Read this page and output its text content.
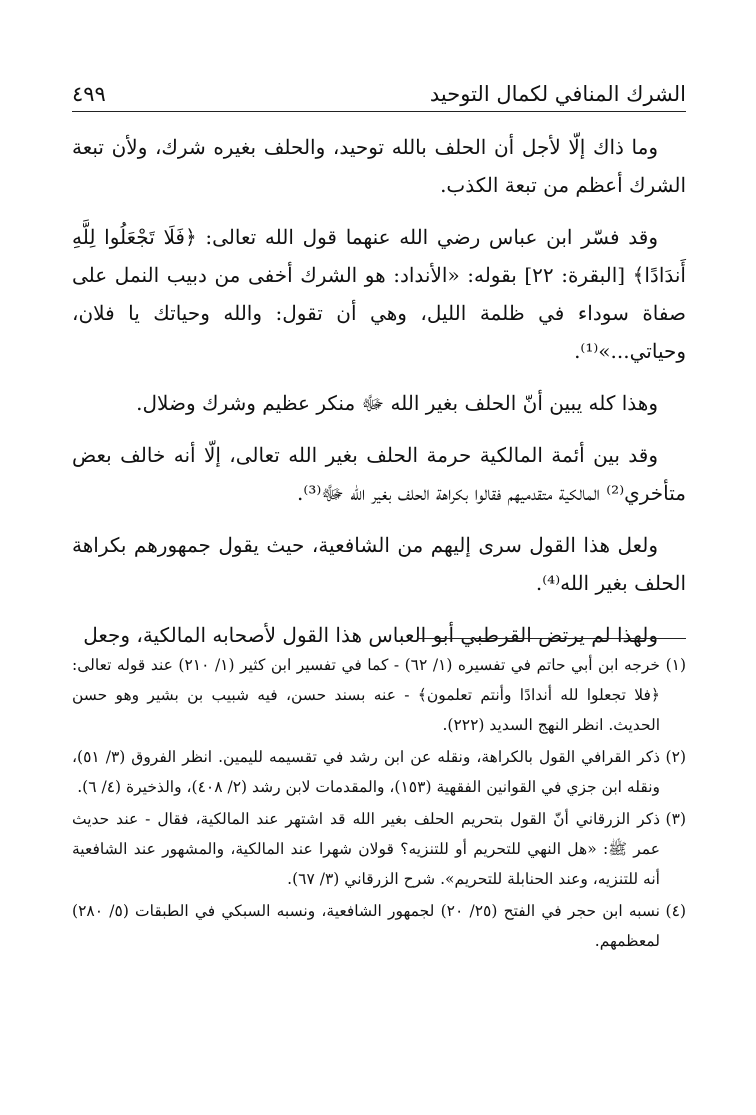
الشرك المنافي لكمال التوحيد
٤٩٩

وما ذاك إلّا لأجل أن الحلف بالله توحيد، والحلف بغيره شرك، ولأن تبعة الشرك أعظم من تبعة الكذب.

وقد فسّر ابن عباس رضي الله عنهما قول الله تعالى: ﴿فَلَا تَجْعَلُوا لِلَّهِ أَندَادًا﴾ [البقرة: ٢٢] بقوله: «الأنداد: هو الشرك أخفى من دبيب النمل على صفاة سوداء في ظلمة الليل، وهي أن تقول: والله وحياتك يا فلان، وحياتي...»⁽¹⁾.

وهذا كله يبين أنّ الحلف بغير الله ﷻ منكر عظيم وشرك وضلال.

وقد بين أئمة المالكية حرمة الحلف بغير الله تعالى، إلّا أنه خالف بعض متأخري⁽²⁾ المالكية متقدميهم فقالوا بكراهة الحلف بغير الله ﷻ⁽³⁾.

ولعل هذا القول سرى إليهم من الشافعية، حيث يقول جمهورهم بكراهة الحلف بغير الله⁽⁴⁾.

ولهذا لم يرتض القرطبي أبو العباس هذا القول لأصحابه المالكية، وجعل

(١)خرجه ابن أبي حاتم في تفسيره (١/ ٦٢) - كما في تفسير ابن كثير (١/ ٢١٠) عند قوله تعالى: ﴿فلا تجعلوا لله أندادًا وأنتم تعلمون﴾ - عنه بسند حسن، فيه شبيب بن بشير وهو حسن الحديث. انظر النهج السديد (٢٢٢).

(٢)ذكر القرافي القول بالكراهة، ونقله عن ابن رشد في تقسيمه لليمين. انظر الفروق (٣/ ٥١)، ونقله ابن جزي في القوانين الفقهية (١٥٣)، والمقدمات لابن رشد (٢/ ٤٠٨)، والذخيرة (٤/ ٦).

(٣)ذكر الزرقاني أنّ القول بتحريم الحلف بغير الله قد اشتهر عند المالكية، فقال - عند حديث عمر ﷺ: «هل النهي للتحريم أو للتنزيه؟ قولان شهرا عند المالكية، والمشهور عند الشافعية أنه للتنزيه، وعند الحنابلة للتحريم». شرح الزرقاني (٣/ ٦٧).

(٤)نسبه ابن حجر في الفتح (٢٥/ ٢٠) لجمهور الشافعية، ونسبه السبكي في الطبقات (٥/ ٢٨٠) لمعظمهم.
